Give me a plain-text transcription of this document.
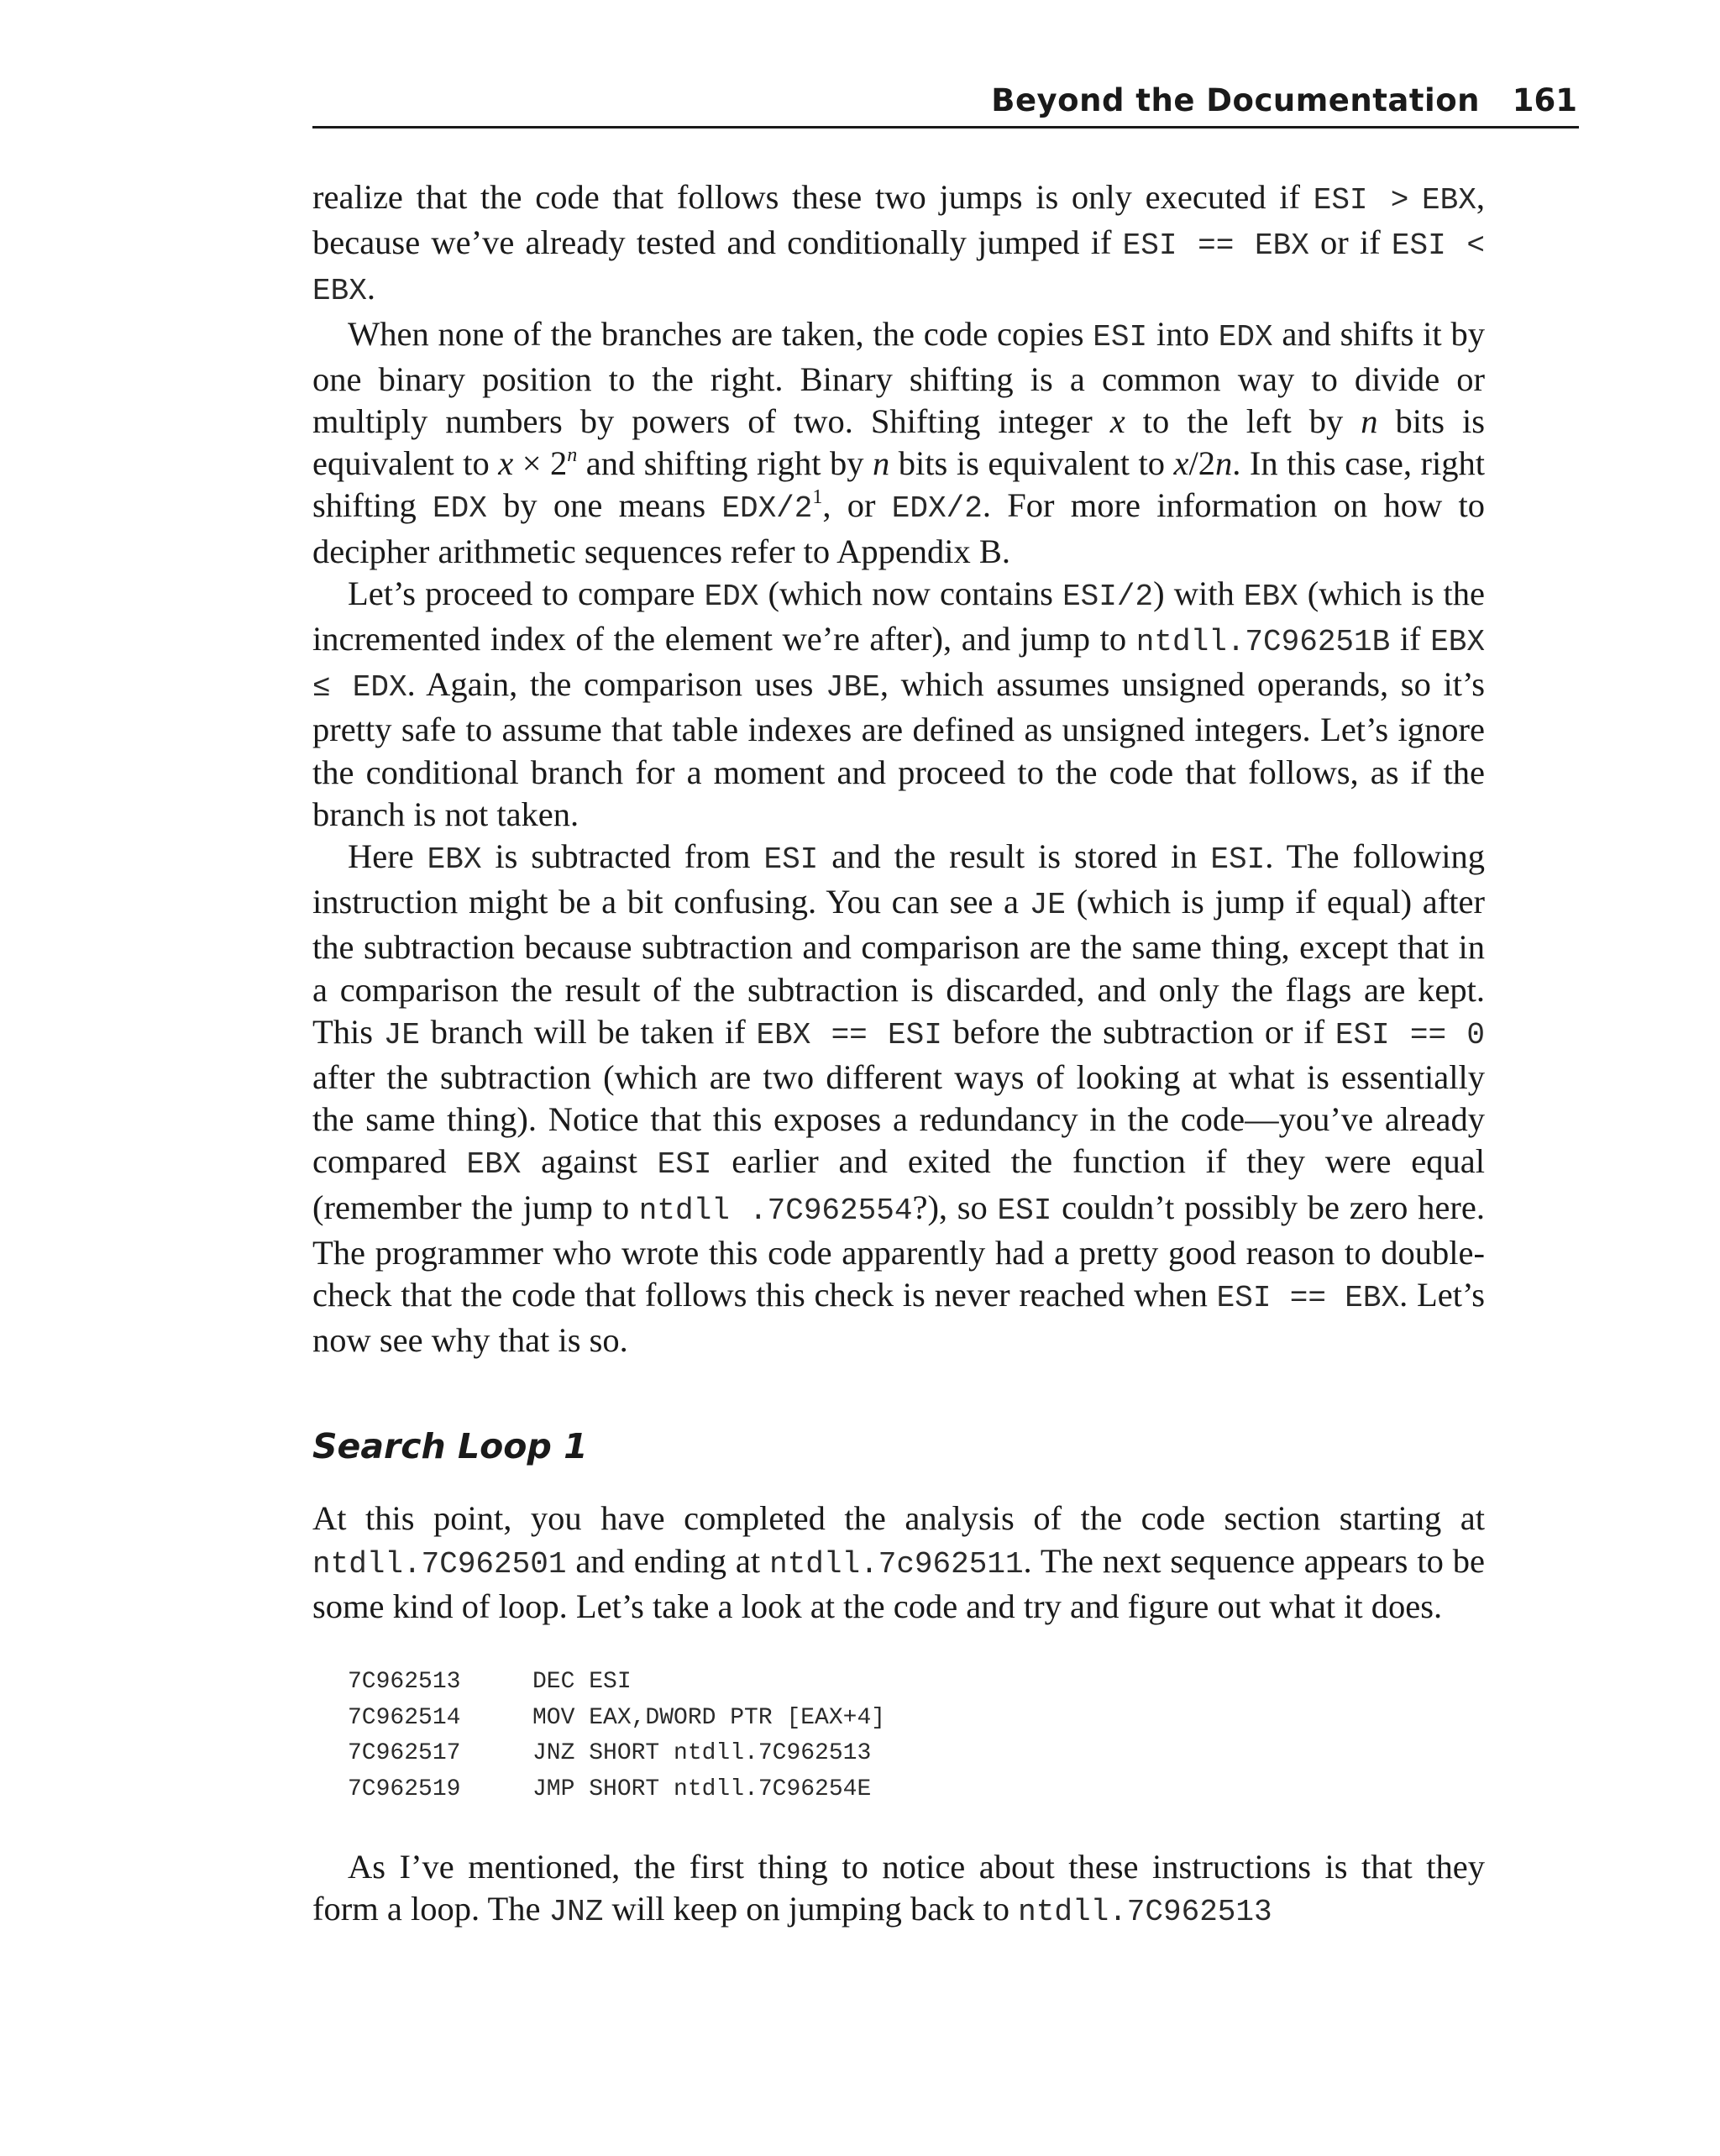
Beyond the Documentation 161

realize that the code that follows these two jumps is only executed if ESI > EBX, because we’ve already tested and conditionally jumped if ESI == EBX or if ESI < EBX.

When none of the branches are taken, the code copies ESI into EDX and shifts it by one binary position to the right. Binary shifting is a common way to divide or multiply numbers by powers of two. Shifting integer x to the left by n bits is equivalent to $x \times 2^n$ and shifting right by n bits is equivalent to x/2n. In this case, right shifting EDX by one means EDX/$2^1$, or EDX/2. For more information on how to decipher arithmetic sequences refer to Appendix B.

Let’s proceed to compare EDX (which now contains ESI/2) with EBX (which is the incremented index of the element we’re after), and jump to ntdll.7C96251B if EBX ≤ EDX. Again, the comparison uses JBE, which assumes unsigned operands, so it’s pretty safe to assume that table indexes are defined as unsigned integers. Let’s ignore the conditional branch for a moment and proceed to the code that follows, as if the branch is not taken.

Here EBX is subtracted from ESI and the result is stored in ESI. The following instruction might be a bit confusing. You can see a JE (which is jump if equal) after the subtraction because subtraction and comparison are the same thing, except that in a comparison the result of the subtraction is discarded, and only the flags are kept. This JE branch will be taken if EBX == ESI before the subtraction or if ESI == 0 after the subtraction (which are two different ways of looking at what is essentially the same thing). Notice that this exposes a redundancy in the code—you’ve already compared EBX against ESI earlier and exited the function if they were equal (remember the jump to ntdll .7C962554?), so ESI couldn’t possibly be zero here. The programmer who wrote this code apparently had a pretty good reason to double-check that the code that follows this check is never reached when ESI == EBX. Let’s now see why that is so.

Search Loop 1

At this point, you have completed the analysis of the code section starting at ntdll.7C962501 and ending at ntdll.7c962511. The next sequence appears to be some kind of loop. Let’s take a look at the code and try and figure out what it does.

7C962513	DEC ESI
7C962514	MOV EAX,DWORD PTR [EAX+4]
7C962517	JNZ SHORT ntdll.7C962513
7C962519	JMP SHORT ntdll.7C96254E

As I’ve mentioned, the first thing to notice about these instructions is that they form a loop. The JNZ will keep on jumping back to ntdll.7C962513
